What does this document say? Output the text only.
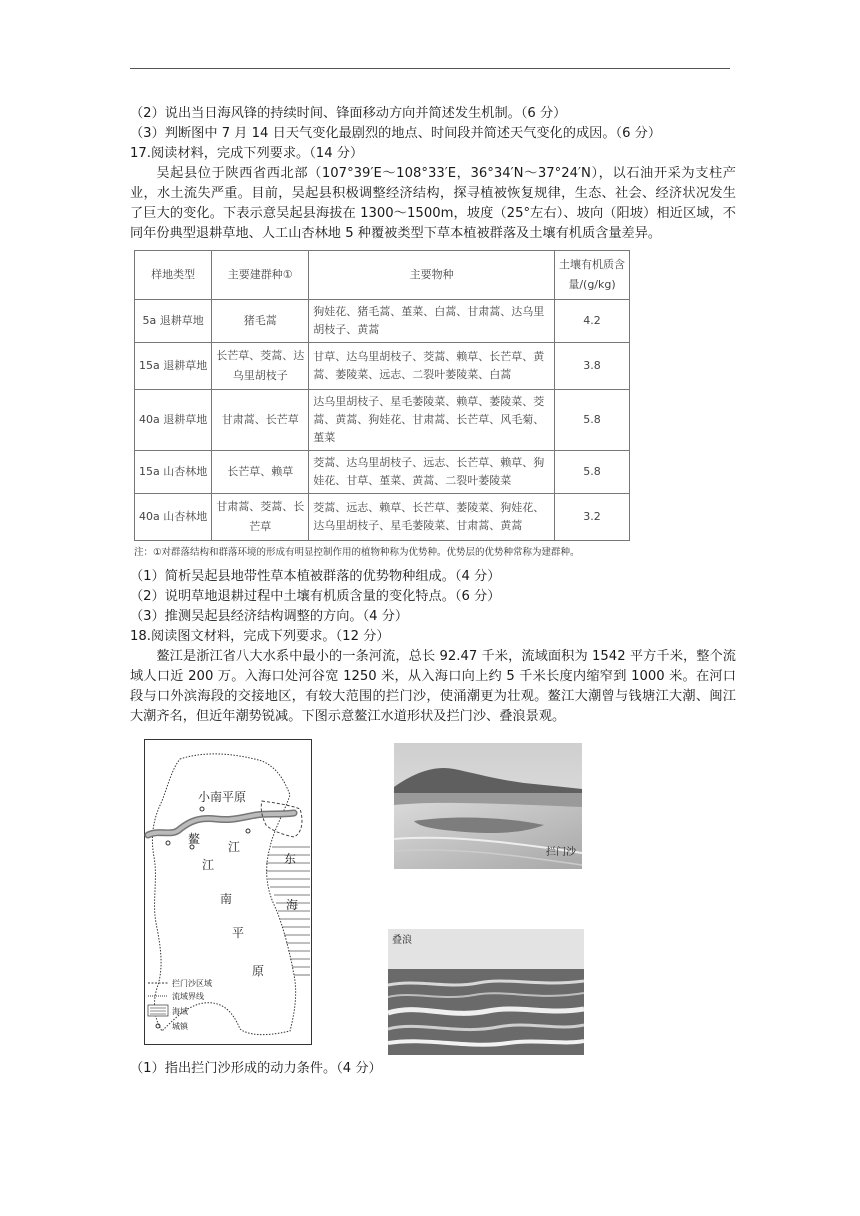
（2）说出当日海风锋的持续时间、锋面移动方向并简述发生机制。（6 分）
（3）判断图中 7 月 14 日天气变化最剧烈的地点、时间段并简述天气变化的成因。（6 分）
17.阅读材料，完成下列要求。（14 分）

吴起县位于陕西省西北部（107°39′E～108°33′E，36°34′N～37°24′N），以石油开采为支柱产业，水土流失严重。目前，吴起县积极调整经济结构，探寻植被恢复规律，生态、社会、经济状况发生了巨大的变化。下表示意吴起县海拔在 1300～1500m，坡度（25°左右）、坡向（阳坡）相近区域，不同年份典型退耕草地、人工山杏林地 5 种覆被类型下草本植被群落及土壤有机质含量差异。

样地类型	主要建群种①	主要物种	土壤有机质含量/(g/kg)
5a 退耕草地	猪毛蒿	狗娃花、猪毛蒿、堇菜、白蒿、甘肃蒿、达乌里胡枝子、黄蒿	4.2
15a 退耕草地	长芒草、茭蒿、达乌里胡枝子	甘草、达乌里胡枝子、茭蒿、赖草、长芒草、黄蒿、萎陵菜、远志、二裂叶萎陵菜、白蒿	3.8
40a 退耕草地	甘肃蒿、长芒草	达乌里胡枝子、星毛萎陵菜、赖草、萎陵菜、茭蒿、黄蒿、狗娃花、甘肃蒿、长芒草、风毛菊、堇菜	5.8
15a 山杏林地	长芒草、赖草	茭蒿、达乌里胡枝子、远志、长芒草、赖草、狗娃花、甘草、堇菜、黄蒿、二裂叶萎陵菜	5.8
40a 山杏林地	甘肃蒿、茭蒿、长芒草	茭蒿、远志、赖草、长芒草、萎陵菜、狗娃花、达乌里胡枝子、星毛萎陵菜、甘肃蒿、黄蒿	3.2
注：①对群落结构和群落环境的形成有明显控制作用的植物种称为优势种。优势层的优势种常称为建群种。
（1）简析吴起县地带性草本植被群落的优势物种组成。（4 分）
（2）说明草地退耕过程中土壤有机质含量的变化特点。（6 分）
（3）推测吴起县经济结构调整的方向。（4 分）
18.阅读图文材料，完成下列要求。（12 分）

鳌江是浙江省八大水系中最小的一条河流，总长 92.47 千米，流域面积为 1542 平方千米，整个流域人口近 200 万。入海口处河谷宽 1250 米，从入海口向上约 5 千米长度内缩窄到 1000 米。在河口段与口外滨海段的交接地区，有较大范围的拦门沙，使涌潮更为壮观。鳌江大潮曾与钱塘江大潮、闽江大潮齐名，但近年潮势锐减。下图示意鳌江水道形状及拦门沙、叠浪景观。

小南平原
鳌
江
东
海
江
南
平
原
拦门沙区域
流域界线
海域
城镇
拦门沙
叠浪
（1）指出拦门沙形成的动力条件。（4 分）
